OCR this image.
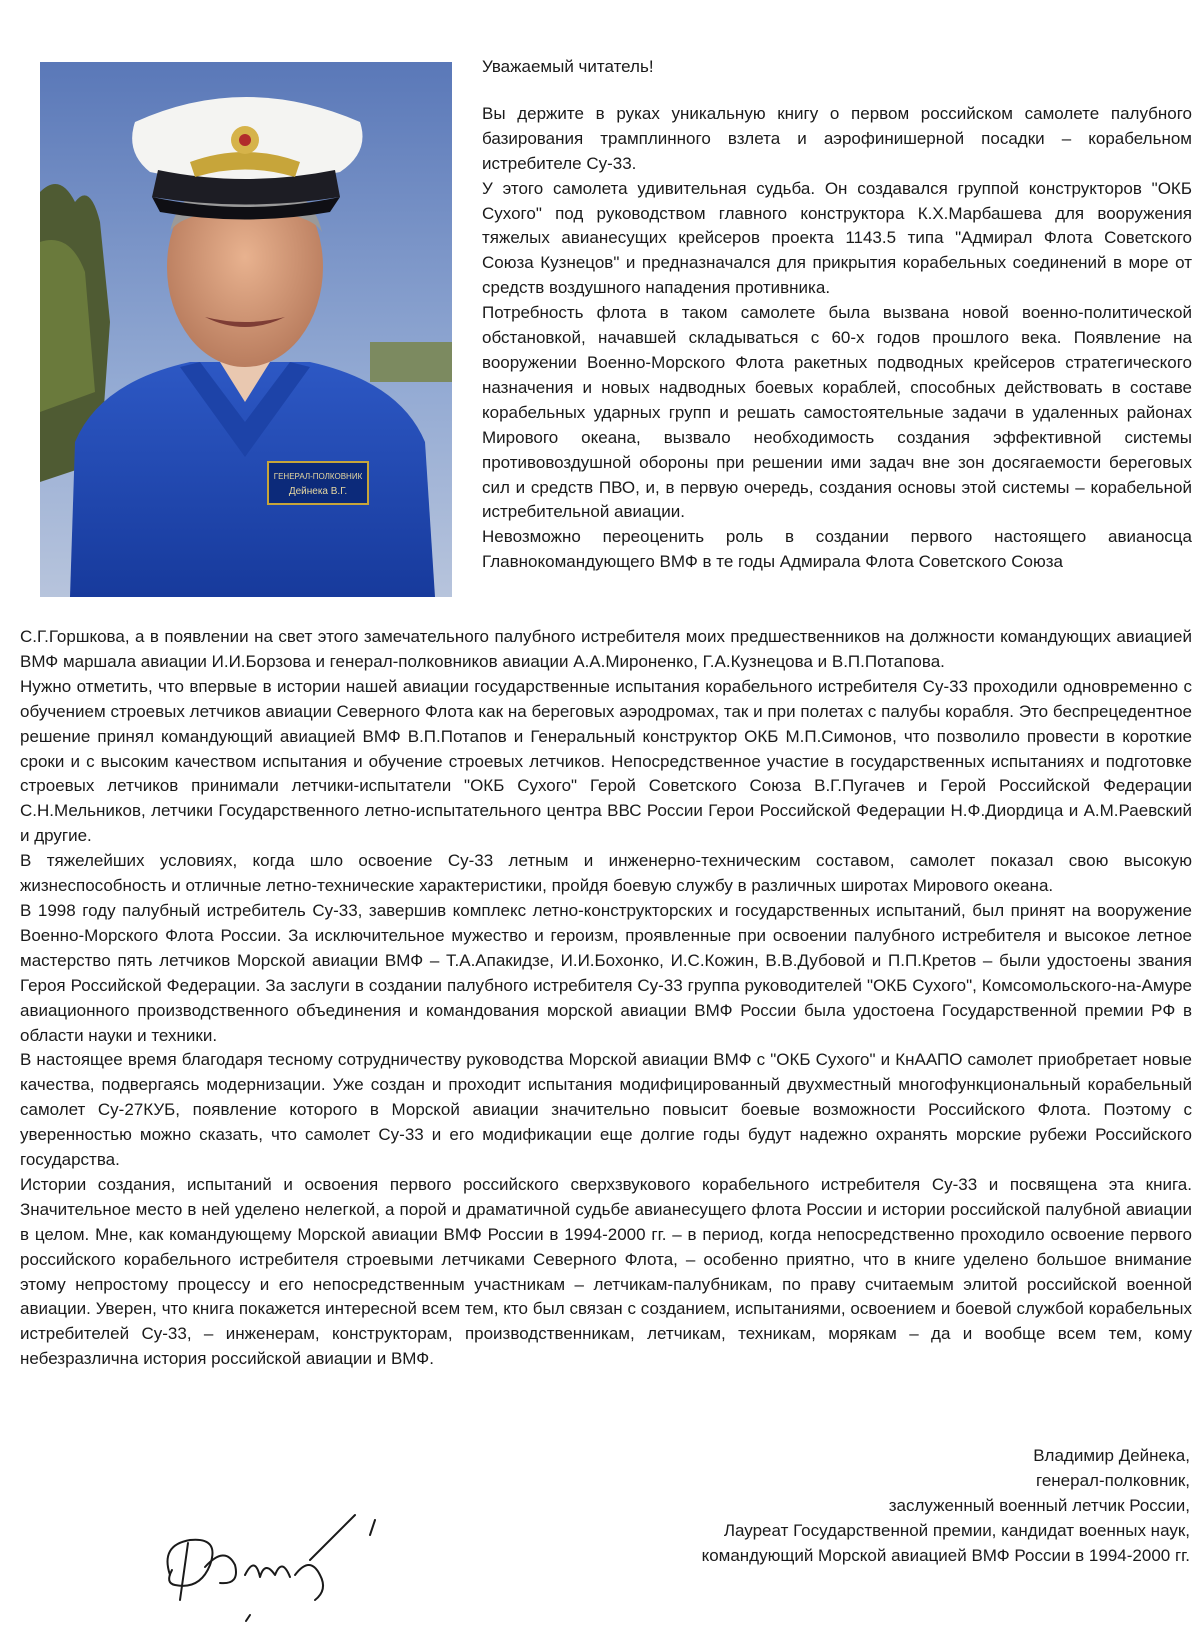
ГЕНЕРАЛ-ПОЛКОВНИК
Дейнека В.Г.

Уважаемый читатель!

Вы держите в руках уникальную книгу о первом российском самолете палубного базирования трамплинного взлета и аэрофинишерной посадки – корабельном истребителе Су-33.

У этого самолета удивительная судьба. Он создавался группой конструкторов "ОКБ Сухого" под руководством главного конструктора К.Х.Марбашева для вооружения тяжелых авианесущих крейсеров проекта 1143.5 типа "Адмирал Флота Советского Союза Кузнецов" и предназначался для прикрытия корабельных соединений в море от средств воздушного нападения противника.

Потребность флота в таком самолете была вызвана новой военно-политической обстановкой, начавшей складываться с 60-х годов прошлого века. Появление на вооружении Военно-Морского Флота ракетных подводных крейсеров стратегического назначения и новых надводных боевых кораблей, способных действовать в составе корабельных ударных групп и решать самостоятельные задачи в удаленных районах Мирового океана, вызвало необходимость создания эффективной системы противовоздушной обороны при решении ими задач вне зон досягаемости береговых сил и средств ПВО, и, в первую очередь, создания основы этой системы – корабельной истребительной авиации.

Невозможно переоценить роль в создании первого настоящего авианосца Главнокомандующего ВМФ в те годы Адмирала Флота Советского Союза

С.Г.Горшкова, а в появлении на свет этого замечательного палубного истребителя моих предшественников на должности командующих авиацией ВМФ маршала авиации И.И.Борзова и генерал-полковников авиации А.А.Мироненко, Г.А.Кузнецова и В.П.Потапова.

Нужно отметить, что впервые в истории нашей авиации государственные испытания корабельного истребителя Су-33 проходили одновременно с обучением строевых летчиков авиации Северного Флота как на береговых аэродромах, так и при полетах с палубы корабля. Это беспрецедентное решение принял командующий авиацией ВМФ В.П.Потапов и Генеральный конструктор ОКБ М.П.Симонов, что позволило провести в короткие сроки и с высоким качеством испытания и обучение строевых летчиков. Непосредственное участие в государственных испытаниях и подготовке строевых летчиков принимали летчики-испытатели "ОКБ Сухого" Герой Советского Союза В.Г.Пугачев и Герой Российской Федерации С.Н.Мельников, летчики Государственного летно-испытательного центра ВВС России Герои Российской Федерации Н.Ф.Диордица и А.М.Раевский и другие.

В тяжелейших условиях, когда шло освоение Су-33 летным и инженерно-техническим составом, самолет показал свою высокую жизнеспособность и отличные летно-технические характеристики, пройдя боевую службу в различных широтах Мирового океана.

В 1998 году палубный истребитель Су-33, завершив комплекс летно-конструкторских и государственных испытаний, был принят на вооружение Военно-Морского Флота России. За исключительное мужество и героизм, проявленные при освоении палубного истребителя и высокое летное мастерство пять летчиков Морской авиации ВМФ – Т.А.Апакидзе, И.И.Бохонко, И.С.Кожин, В.В.Дубовой и П.П.Кретов – были удостоены звания Героя Российской Федерации. За заслуги в создании палубного истребителя Су-33 группа руководителей "ОКБ Сухого", Комсомольского-на-Амуре авиационного производственного объединения и командования морской авиации ВМФ России была удостоена Государственной премии РФ в области науки и техники.

В настоящее время благодаря тесному сотрудничеству руководства Морской авиации ВМФ с "ОКБ Сухого" и КнААПО самолет приобретает новые качества, подвергаясь модернизации. Уже создан и проходит испытания модифицированный двухместный многофункциональный корабельный самолет Су-27КУБ, появление которого в Морской авиации значительно повысит боевые возможности Российского Флота. Поэтому с уверенностью можно сказать, что самолет Су-33 и его модификации еще долгие годы будут надежно охранять морские рубежи Российского государства.

Истории создания, испытаний и освоения первого российского сверхзвукового корабельного истребителя Су-33 и посвящена эта книга. Значительное место в ней уделено нелегкой, а порой и драматичной судьбе авианесущего флота России и истории российской палубной авиации в целом. Мне, как командующему Морской авиации ВМФ России в 1994-2000 гг. – в период, когда непосредственно проходило освоение первого российского корабельного истребителя строевыми летчиками Северного Флота, – особенно приятно, что в книге уделено большое внимание этому непростому процессу и его непосредственным участникам – летчикам-палубникам, по праву считаемым элитой российской военной авиации. Уверен, что книга покажется интересной всем тем, кто был связан с созданием, испытаниями, освоением и боевой службой корабельных истребителей Су-33, – инженерам, конструкторам, производственникам, летчикам, техникам, морякам – да и вообще всем тем, кому небезразлична история российской авиации и ВМФ.

Владимир Дейнека,
генерал-полковник,
заслуженный военный летчик России,
Лауреат Государственной премии, кандидат военных наук,
командующий Морской авиацией ВМФ России в 1994-2000 гг.
